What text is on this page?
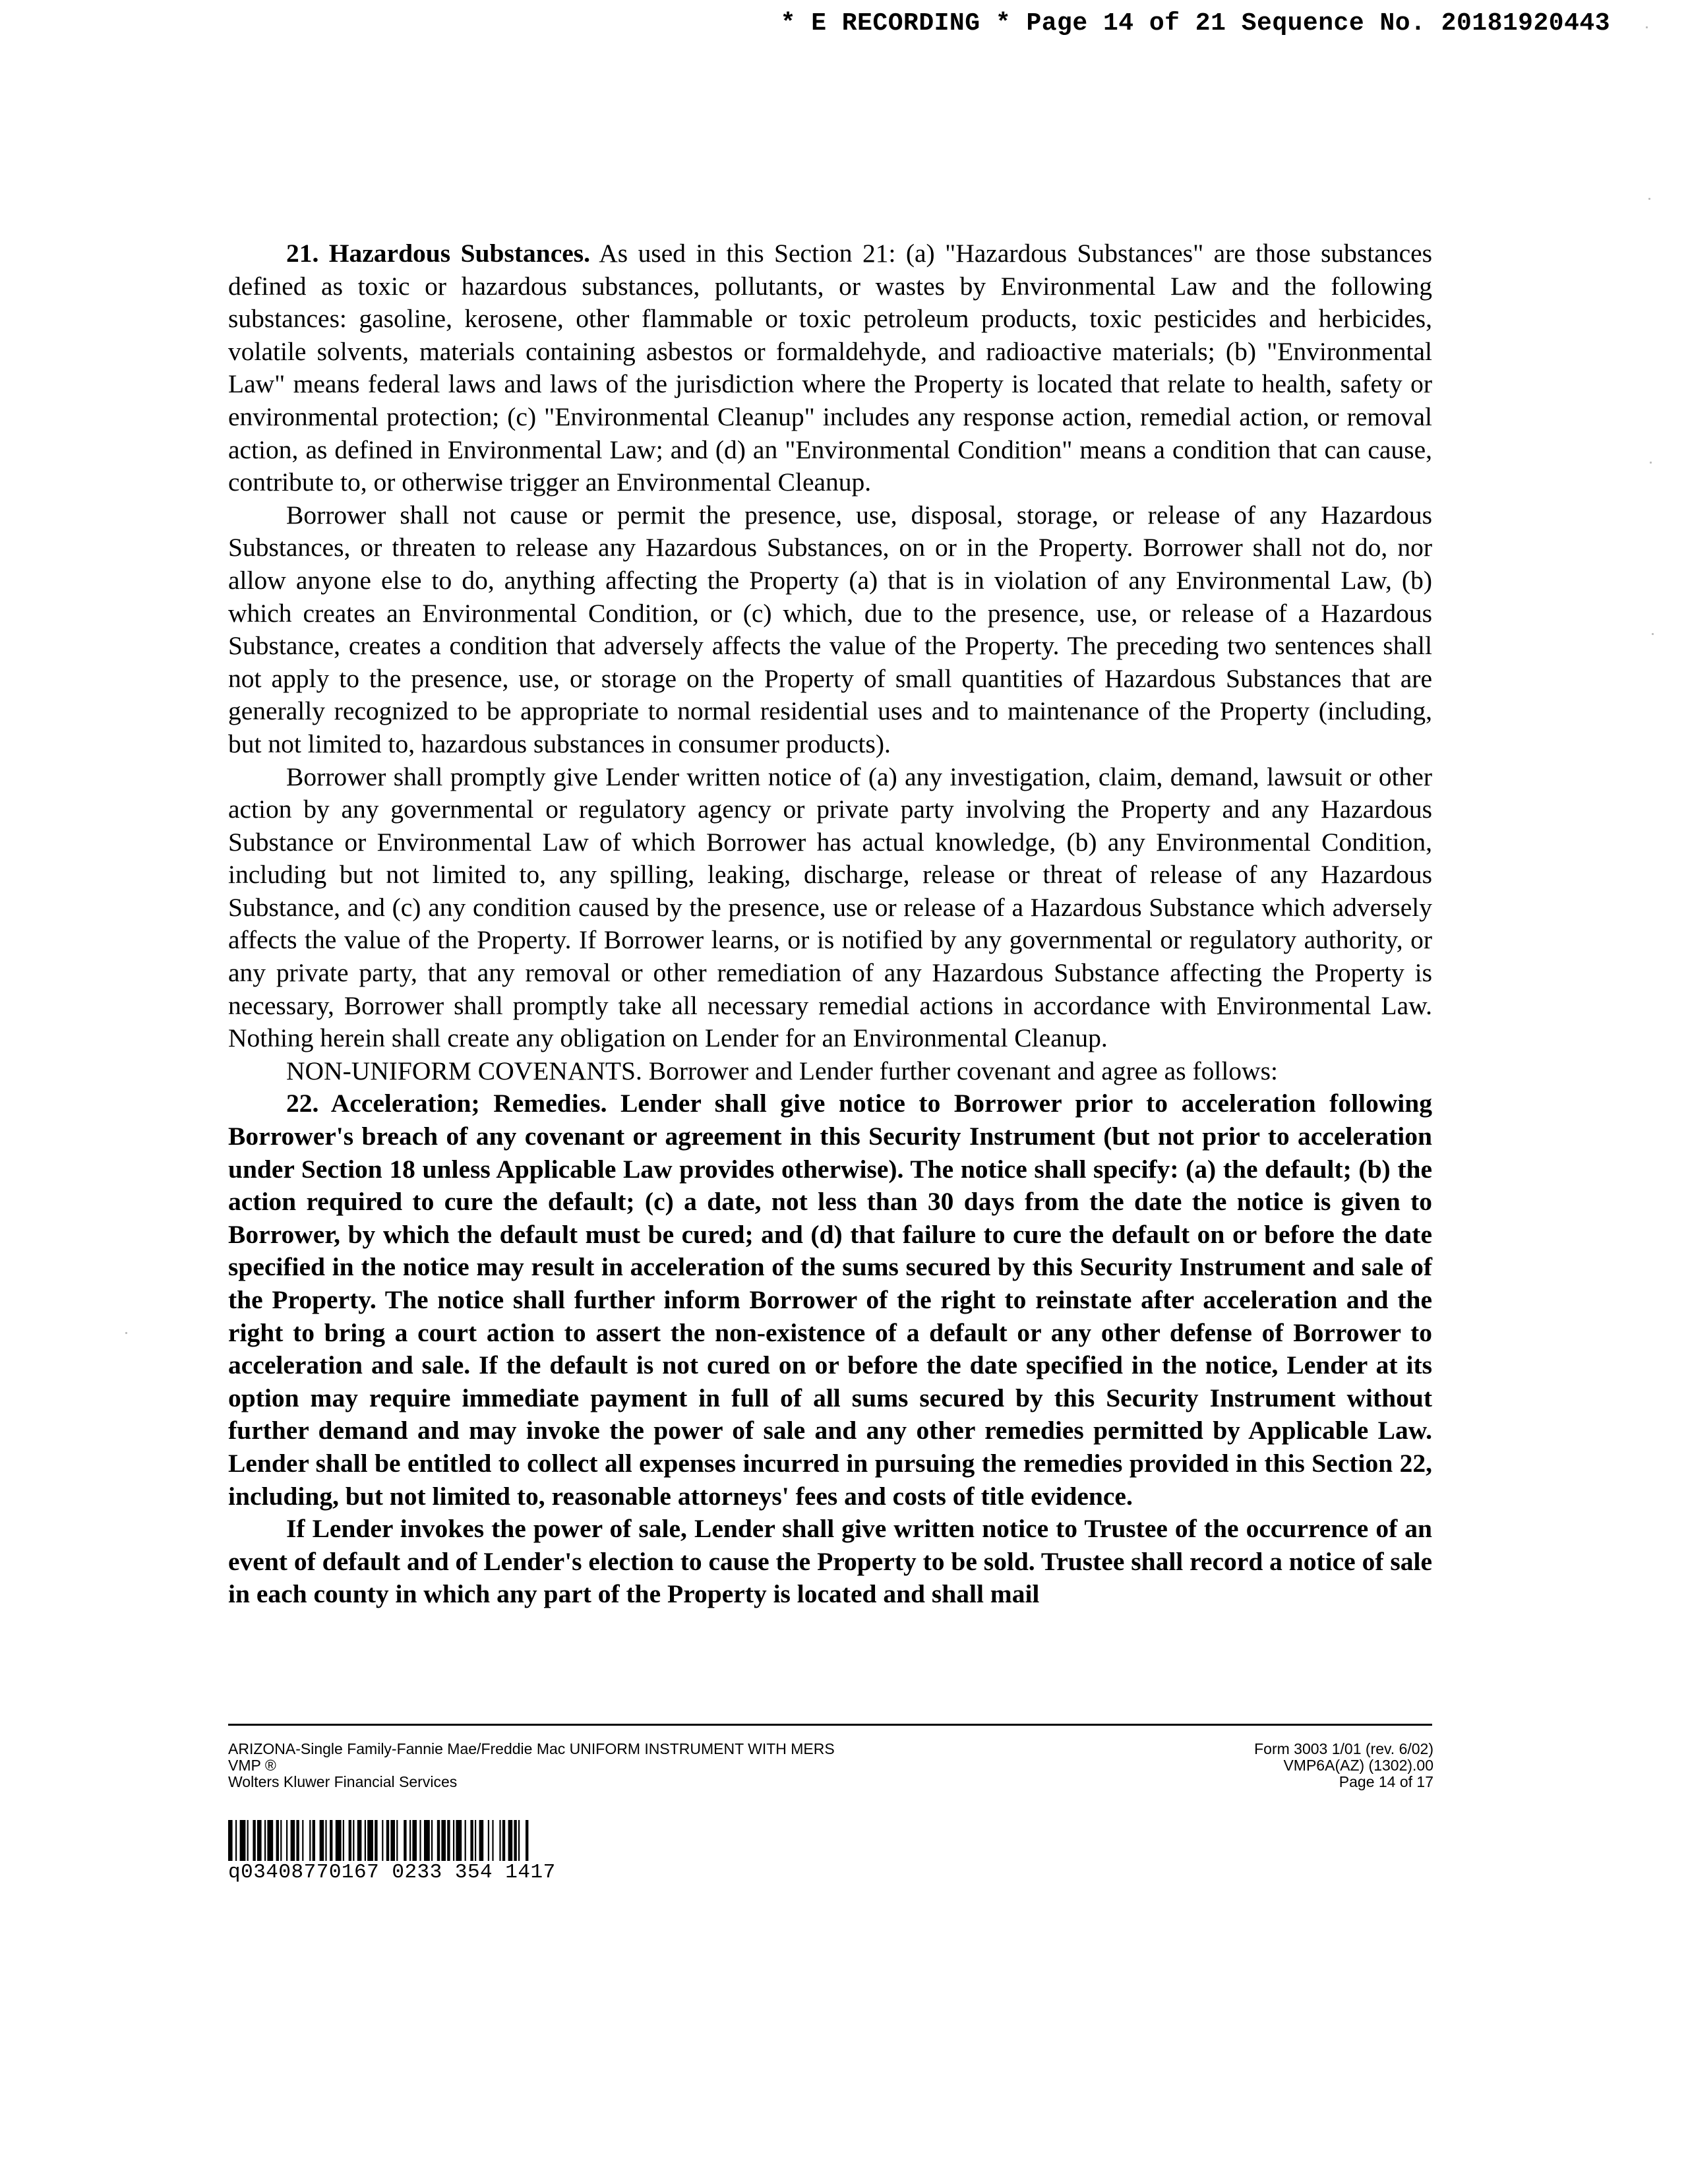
* E RECORDING * Page 14 of 21 Sequence No. 20181920443

21. Hazardous Substances. As used in this Section 21: (a) "Hazardous Substances" are those substances defined as toxic or hazardous substances, pollutants, or wastes by Environmental Law and the following substances: gasoline, kerosene, other flammable or toxic petroleum products, toxic pesticides and herbicides, volatile solvents, materials containing asbestos or formaldehyde, and radioactive materials; (b) "Environmental Law" means federal laws and laws of the jurisdiction where the Property is located that relate to health, safety or environmental protection; (c) "Environmental Cleanup" includes any response action, remedial action, or removal action, as defined in Environmental Law; and (d) an "Environmental Condition" means a condition that can cause, contribute to, or otherwise trigger an Environmental Cleanup.

Borrower shall not cause or permit the presence, use, disposal, storage, or release of any Hazardous Substances, or threaten to release any Hazardous Substances, on or in the Property. Borrower shall not do, nor allow anyone else to do, anything affecting the Property (a) that is in violation of any Environmental Law, (b) which creates an Environmental Condition, or (c) which, due to the presence, use, or release of a Hazardous Substance, creates a condition that adversely affects the value of the Property. The preceding two sentences shall not apply to the presence, use, or storage on the Property of small quantities of Hazardous Substances that are generally recognized to be appropriate to normal residential uses and to maintenance of the Property (including, but not limited to, hazardous substances in consumer products).

Borrower shall promptly give Lender written notice of (a) any investigation, claim, demand, lawsuit or other action by any governmental or regulatory agency or private party involving the Property and any Hazardous Substance or Environmental Law of which Borrower has actual knowledge, (b) any Environmental Condition, including but not limited to, any spilling, leaking, discharge, release or threat of release of any Hazardous Substance, and (c) any condition caused by the presence, use or release of a Hazardous Substance which adversely affects the value of the Property. If Borrower learns, or is notified by any governmental or regulatory authority, or any private party, that any removal or other remediation of any Hazardous Substance affecting the Property is necessary, Borrower shall promptly take all necessary remedial actions in accordance with Environmental Law. Nothing herein shall create any obligation on Lender for an Environmental Cleanup.

NON-UNIFORM COVENANTS. Borrower and Lender further covenant and agree as follows:

22. Acceleration; Remedies. Lender shall give notice to Borrower prior to acceleration following Borrower's breach of any covenant or agreement in this Security Instrument (but not prior to acceleration under Section 18 unless Applicable Law provides otherwise). The notice shall specify: (a) the default; (b) the action required to cure the default; (c) a date, not less than 30 days from the date the notice is given to Borrower, by which the default must be cured; and (d) that failure to cure the default on or before the date specified in the notice may result in acceleration of the sums secured by this Security Instrument and sale of the Property. The notice shall further inform Borrower of the right to reinstate after acceleration and the right to bring a court action to assert the non-existence of a default or any other defense of Borrower to acceleration and sale. If the default is not cured on or before the date specified in the notice, Lender at its option may require immediate payment in full of all sums secured by this Security Instrument without further demand and may invoke the power of sale and any other remedies permitted by Applicable Law. Lender shall be entitled to collect all expenses incurred in pursuing the remedies provided in this Section 22, including, but not limited to, reasonable attorneys' fees and costs of title evidence.

If Lender invokes the power of sale, Lender shall give written notice to Trustee of the occurrence of an event of default and of Lender's election to cause the Property to be sold. Trustee shall record a notice of sale in each county in which any part of the Property is located and shall mail

ARIZONA-Single Family-Fannie Mae/Freddie Mac UNIFORM INSTRUMENT WITH MERS
VMP ®
Wolters Kluwer Financial Services
Form 3003 1/01 (rev. 6/02)
VMP6A(AZ) (1302).00
Page 14 of 17
q03408770167 0233 354 1417
